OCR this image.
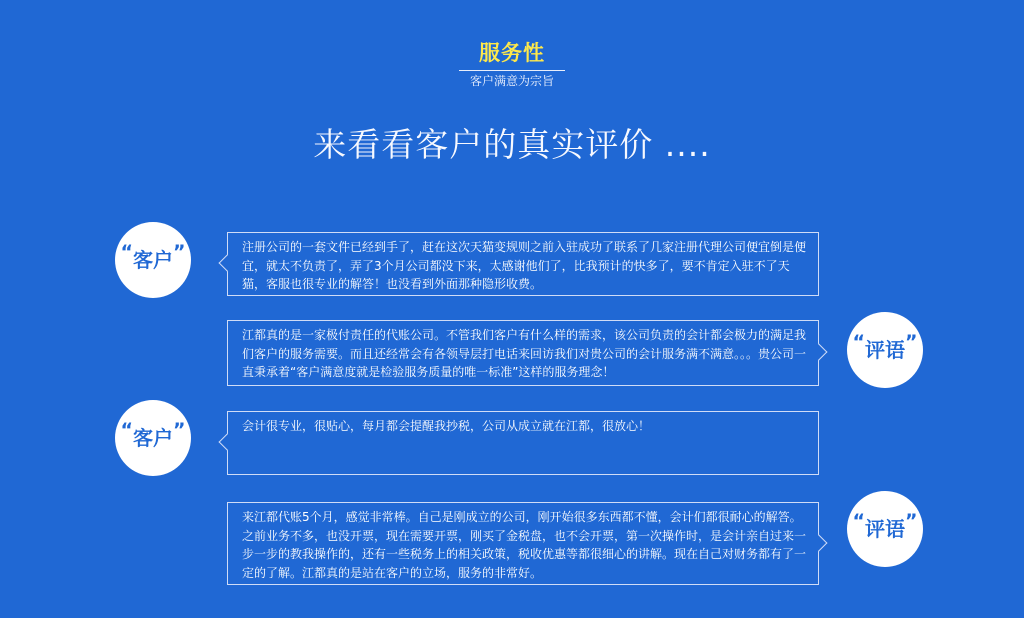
服务性
客户满意为宗旨
来看看客户的真实评价 ....
“ 客户 ”	注册公司的一套文件已经到手了，赶在这次天猫变规则之前入驻成功了联系了几家注册代理公司便宜倒是便宜，就太不负责了，弄了3个月公司都没下来，太感谢他们了，比我预计的快多了，要不肯定入驻不了天猫，客服也很专业的解答！也没看到外面那种隐形收费。
江都真的是一家极付责任的代账公司。不管我们客户有什么样的需求，该公司负责的会计都会极力的满足我们客户的服务需要。而且还经常会有各领导层打电话来回访我们对贵公司的会计服务满不满意。。。贵公司一直秉承着“客户满意度就是检验服务质量的唯一标准”这样的服务理念！
“ 评语 ”
“ 客户 ”	会计很专业，很贴心，每月都会提醒我抄税，公司从成立就在江都，很放心！
来江都代账5个月，感觉非常棒。自己是刚成立的公司，刚开始很多东西都不懂，会计们都很耐心的解答。之前业务不多，也没开票，现在需要开票，刚买了金税盘，也不会开票，第一次操作时，是会计亲自过来一步一步的教我操作的，还有一些税务上的相关政策，税收优惠等都很细心的讲解。现在自己对财务都有了一定的了解。江都真的是站在客户的立场，服务的非常好。
“ 评语 ”
